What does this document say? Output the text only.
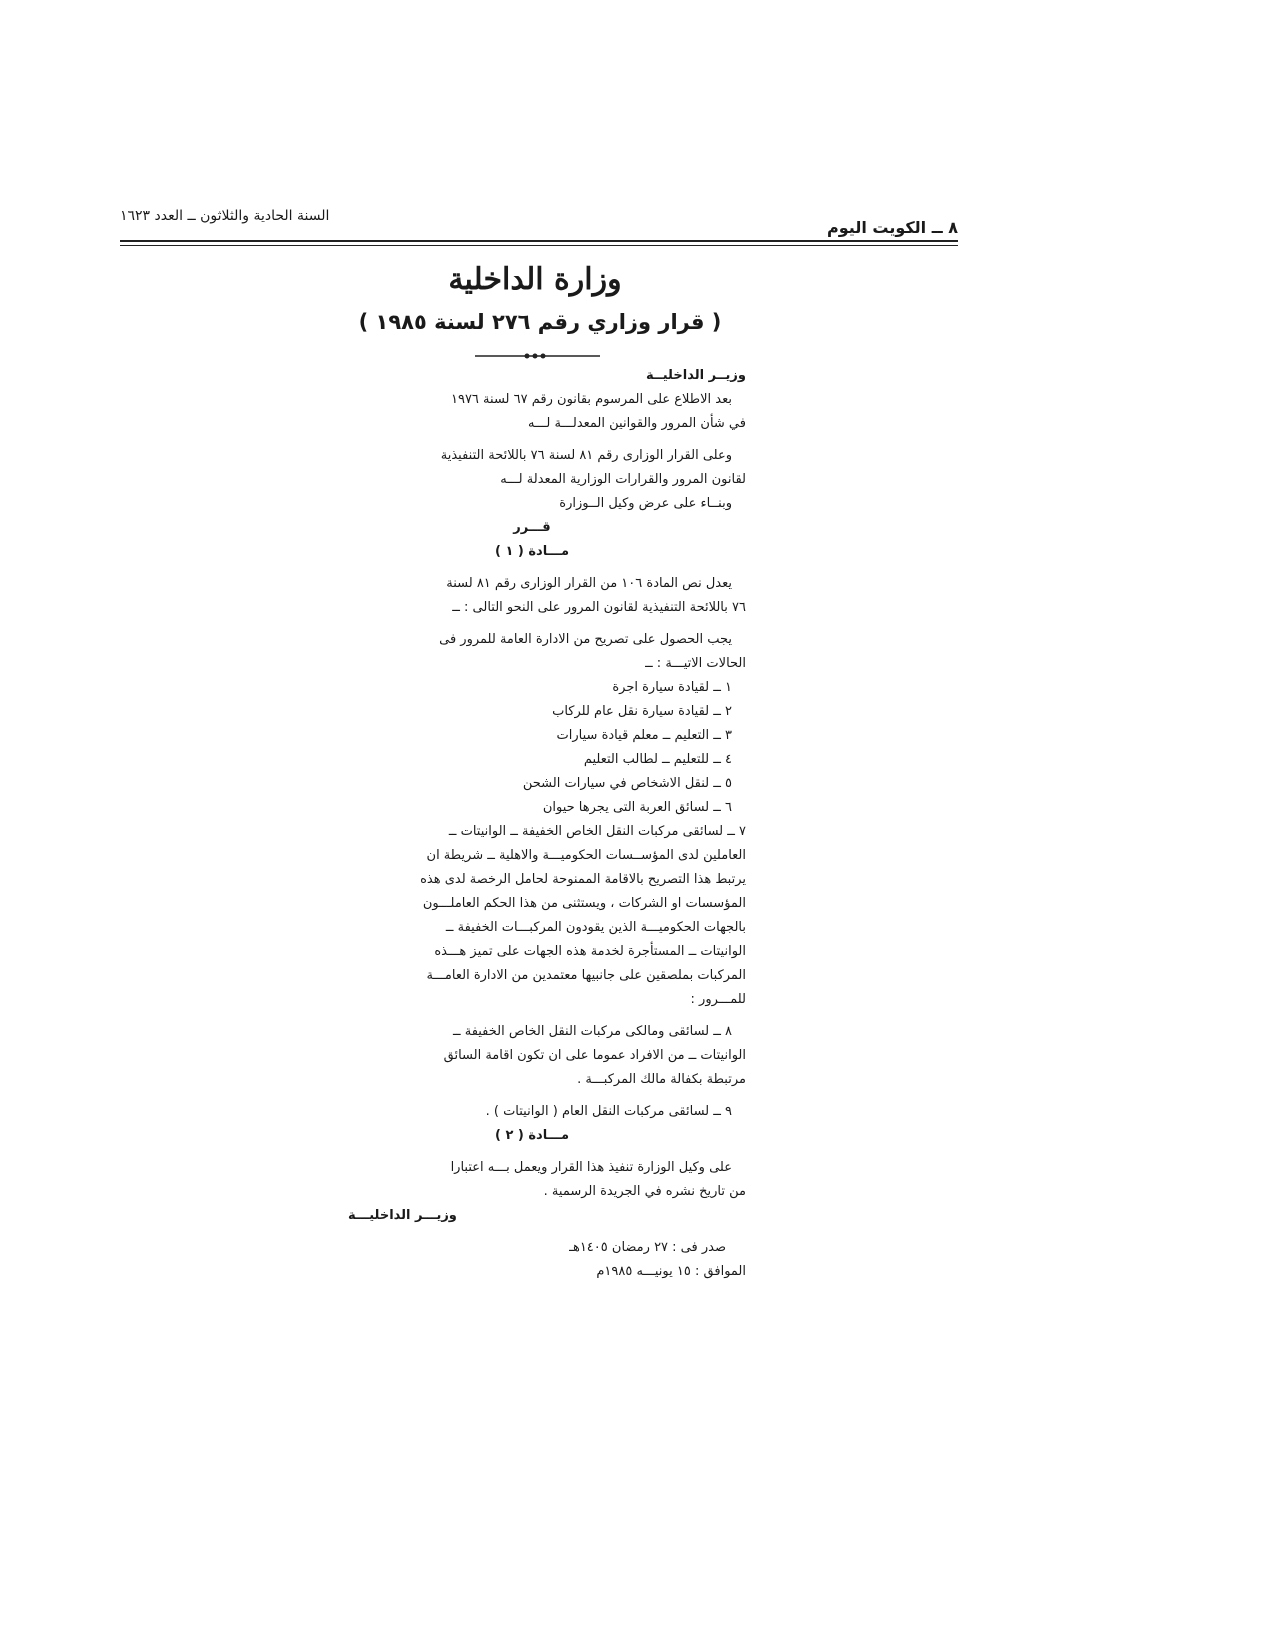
٨ ــ الكويت اليوم
السنة الحادية والثلاثون ــ العدد ١٦٢٣
وزارة الداخلية
( قرار وزاري رقم ٢٧٦ لسنة ١٩٨٥ )
وزيــر الداخليــة
بعد الاطلاع على المرسوم بقانون رقم ٦٧ لسنة ١٩٧٦
في شأن المرور والقوانين المعدلـــة لـــه
وعلى القرار الوزارى رقم ٨١ لسنة ٧٦ باللائحة التنفيذية
لقانون المرور والقرارات الوزارية المعدلة لـــه
وبنــاء على عرض وكيل الــوزارة
قـــرر
مـــادة ( ١ )
يعدل نص المادة ١٠٦ من القرار الوزارى رقم ٨١ لسنة
٧٦ باللائحة التنفيذية لقانون المرور على النحو التالى : ــ
يجب الحصول على تصريح من الادارة العامة للمرور فى
الحالات الاتيـــة : ــ
١ ــ لقيادة سيارة اجرة
٢ ــ لقيادة سيارة نقل عام للركاب
٣ ــ التعليم ــ معلم قيادة سيارات
٤ ــ للتعليم ــ لطالب التعليم
٥ ــ لنقل الاشخاص في سيارات الشحن
٦ ــ لسائق العربة التى يجرها حيوان
٧ ــ لسائقى مركبات النقل الخاص الخفيفة ــ الوانيتات ــ
العاملين لدى المؤســسات الحكوميـــة والاهلية ــ شريطة ان
يرتبط هذا التصريح بالاقامة الممنوحة لحامل الرخصة لدى هذه
المؤسسات او الشركات ، ويستثنى من هذا الحكم العاملـــون
بالجهات الحكوميـــة الذين يقودون المركبـــات الخفيفة ــ
الوانيتات ــ المستأجرة لخدمة هذه الجهات على تميز هـــذه
المركبات بملصقين على جانبيها معتمدين من الادارة العامـــة
للمـــرور :
٨ ــ لسائقى ومالكى مركبات النقل الخاص الخفيفة ــ
الوانيتات ــ من الافراد عموما على ان تكون اقامة السائق
مرتبطة بكفالة مالك المركبـــة .
٩ ــ لسائقى مركبات النقل العام ( الوانيتات ) .
مـــادة ( ٢ )
على وكيل الوزارة تنفيذ هذا القرار ويعمل بـــه اعتبارا
من تاريخ نشره في الجريدة الرسمية .
وزيـــر الداخليـــة
صدر فى : ٢٧ رمضان ١٤٠٥هـ
الموافق : ١٥ يونيـــه ١٩٨٥م
